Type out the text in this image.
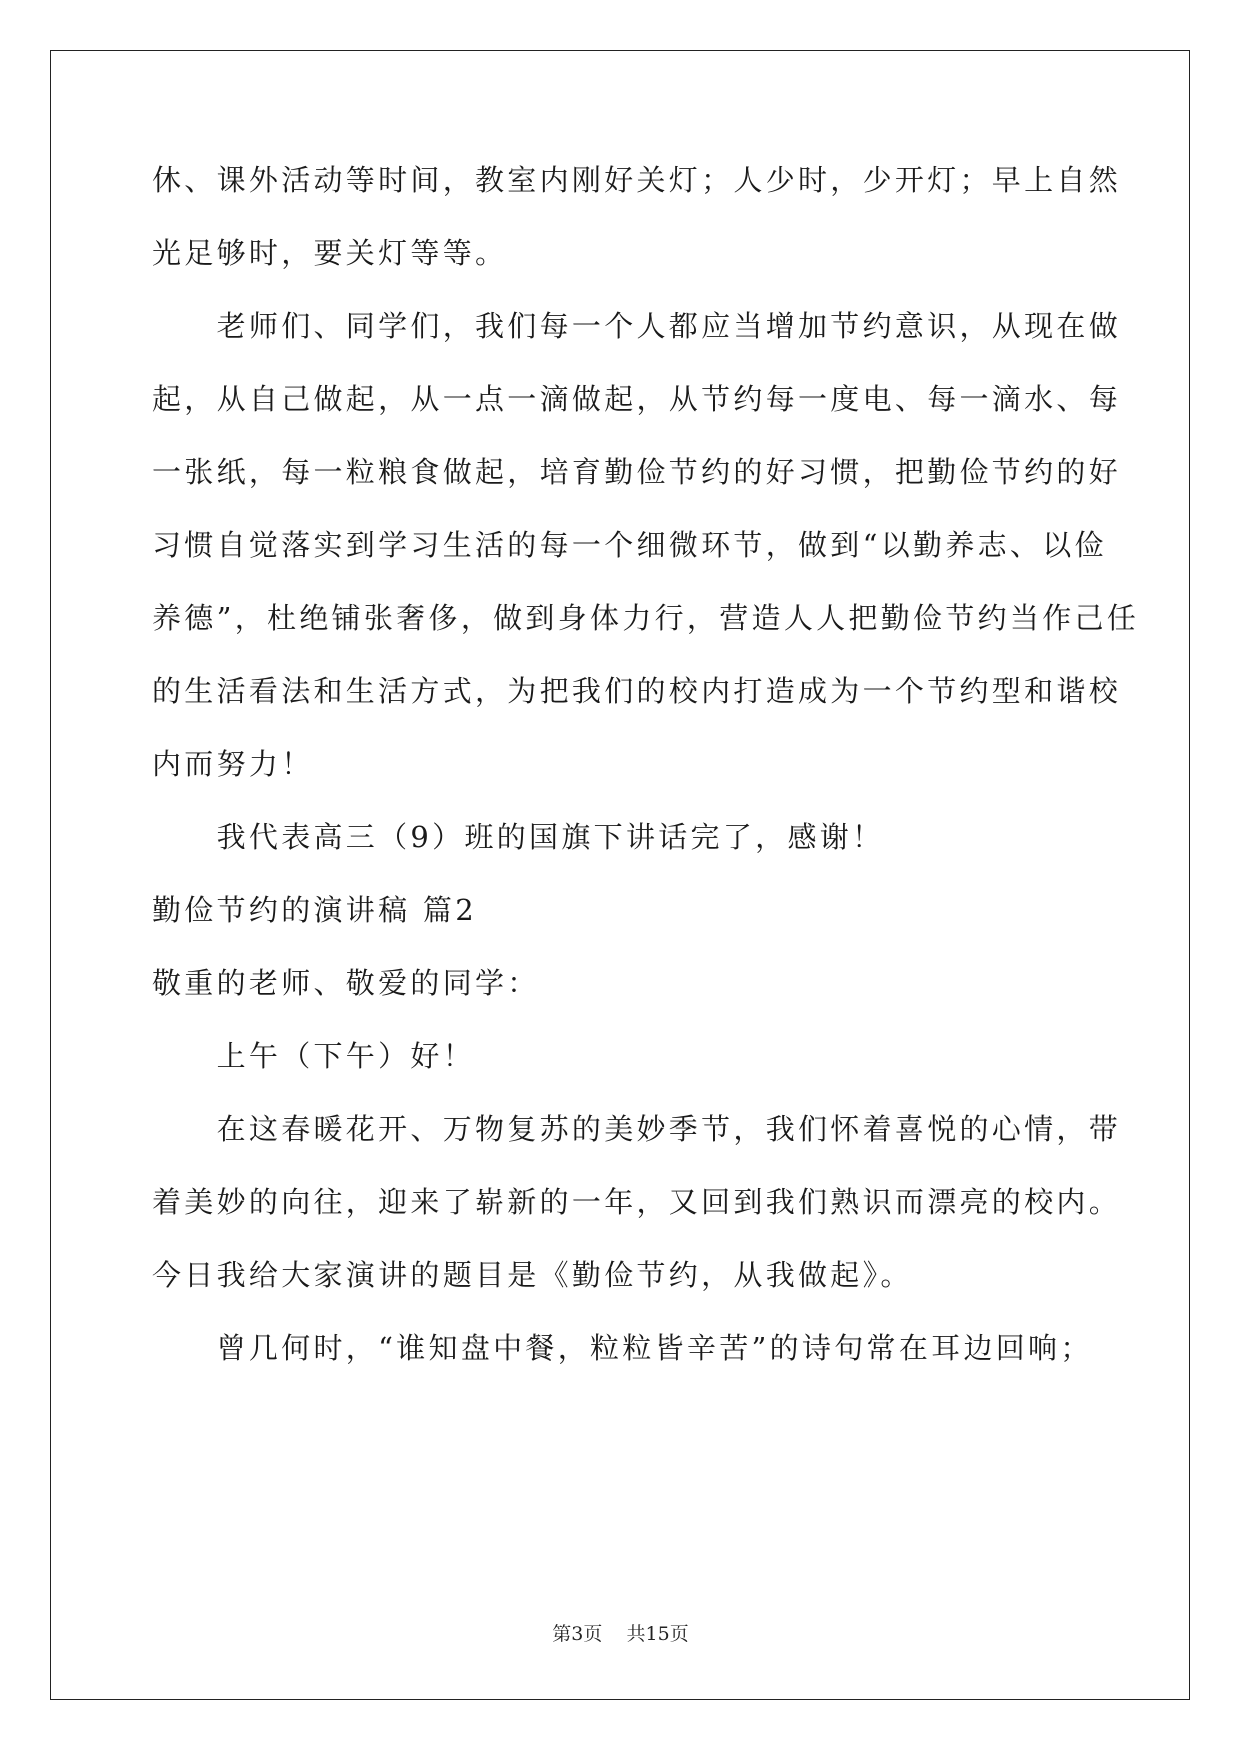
休、课外活动等时间，教室内刚好关灯；人少时，少开灯；早上自然
光足够时，要关灯等等。
　　老师们、同学们，我们每一个人都应当增加节约意识，从现在做
起，从自己做起，从一点一滴做起，从节约每一度电、每一滴水、每
一张纸，每一粒粮食做起，培育勤俭节约的好习惯，把勤俭节约的好
习惯自觉落实到学习生活的每一个细微环节，做到“以勤养志、以俭
养德”，杜绝铺张奢侈，做到身体力行，营造人人把勤俭节约当作己任
的生活看法和生活方式，为把我们的校内打造成为一个节约型和谐校
内而努力！
　　我代表高三（9）班的国旗下讲话完了，感谢！
勤俭节约的演讲稿 篇2
敬重的老师、敬爱的同学：
　　上午（下午）好！
　　在这春暖花开、万物复苏的美妙季节，我们怀着喜悦的心情，带
着美妙的向往，迎来了崭新的一年，又回到我们熟识而漂亮的校内。
今日我给大家演讲的题目是《勤俭节约，从我做起》。
　　曾几何时，“谁知盘中餐，粒粒皆辛苦”的诗句常在耳边回响；
第3页 共15页
